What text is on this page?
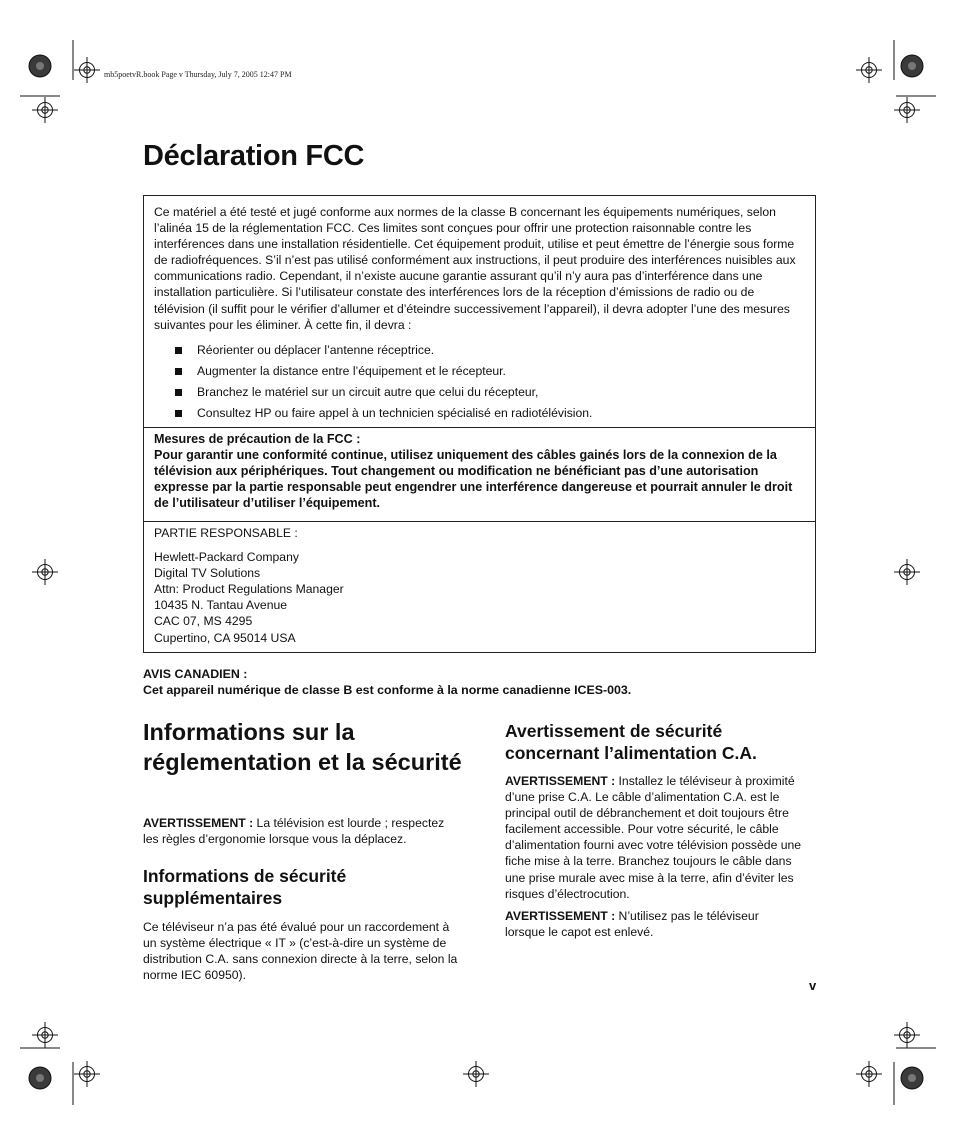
mb5poetvR.book Page v Thursday, July 7, 2005 12:47 PM
Déclaration FCC
Ce matériel a été testé et jugé conforme aux normes de la classe B concernant les équipements numériques, selon l’alinéa 15 de la réglementation FCC. Ces limites sont conçues pour offrir une protection raisonnable contre les interférences dans une installation résidentielle. Cet équipement produit, utilise et peut émettre de l’énergie sous forme de radiofréquences. S’il n’est pas utilisé conformément aux instructions, il peut produire des interférences nuisibles aux communications radio. Cependant, il n’existe aucune garantie assurant qu’il n’y aura pas d’interférence dans une installation particulière. Si l’utilisateur constate des interférences lors de la réception d’émissions de radio ou de télévision (il suffit pour le vérifier d’allumer et d’éteindre successivement l’appareil), il devra adopter l’une des mesures suivantes pour les éliminer. À cette fin, il devra :
Réorienter ou déplacer l’antenne réceptrice.
Augmenter la distance entre l’équipement et le récepteur.
Branchez le matériel sur un circuit autre que celui du récepteur,
Consultez HP ou faire appel à un technicien spécialisé en radiotélévision.
Mesures de précaution de la FCC :
Pour garantir une conformité continue, utilisez uniquement des câbles gainés lors de la connexion de la télévision aux périphériques. Tout changement ou modification ne bénéficiant pas d’une autorisation expresse par la partie responsable peut engendrer une interférence dangereuse et pourrait annuler le droit de l’utilisateur d’utiliser l’équipement.
PARTIE RESPONSABLE :
Hewlett-Packard Company
Digital TV Solutions
Attn: Product Regulations Manager
10435 N. Tantau Avenue
CAC 07, MS 4295
Cupertino, CA 95014 USA
AVIS CANADIEN :
Cet appareil numérique de classe B est conforme à la norme canadienne ICES-003.
Informations sur la réglementation et la sécurité
AVERTISSEMENT : La télévision est lourde ; respectez les règles d’ergonomie lorsque vous la déplacez.
Informations de sécurité supplémentaires
Ce téléviseur n’a pas été évalué pour un raccordement à un système électrique « IT » (c’est-à-dire un système de distribution C.A. sans connexion directe à la terre, selon la norme IEC 60950).
Avertissement de sécurité concernant l’alimentation C.A.
AVERTISSEMENT : Installez le téléviseur à proximité d’une prise C.A. Le câble d’alimentation C.A. est le principal outil de débranchement et doit toujours être facilement accessible. Pour votre sécurité, le câble d’alimentation fourni avec votre télévision possède une fiche mise à la terre. Branchez toujours le câble dans une prise murale avec mise à la terre, afin d’éviter les risques d’électrocution.
AVERTISSEMENT : N’utilisez pas le téléviseur lorsque le capot est enlevé.
v
